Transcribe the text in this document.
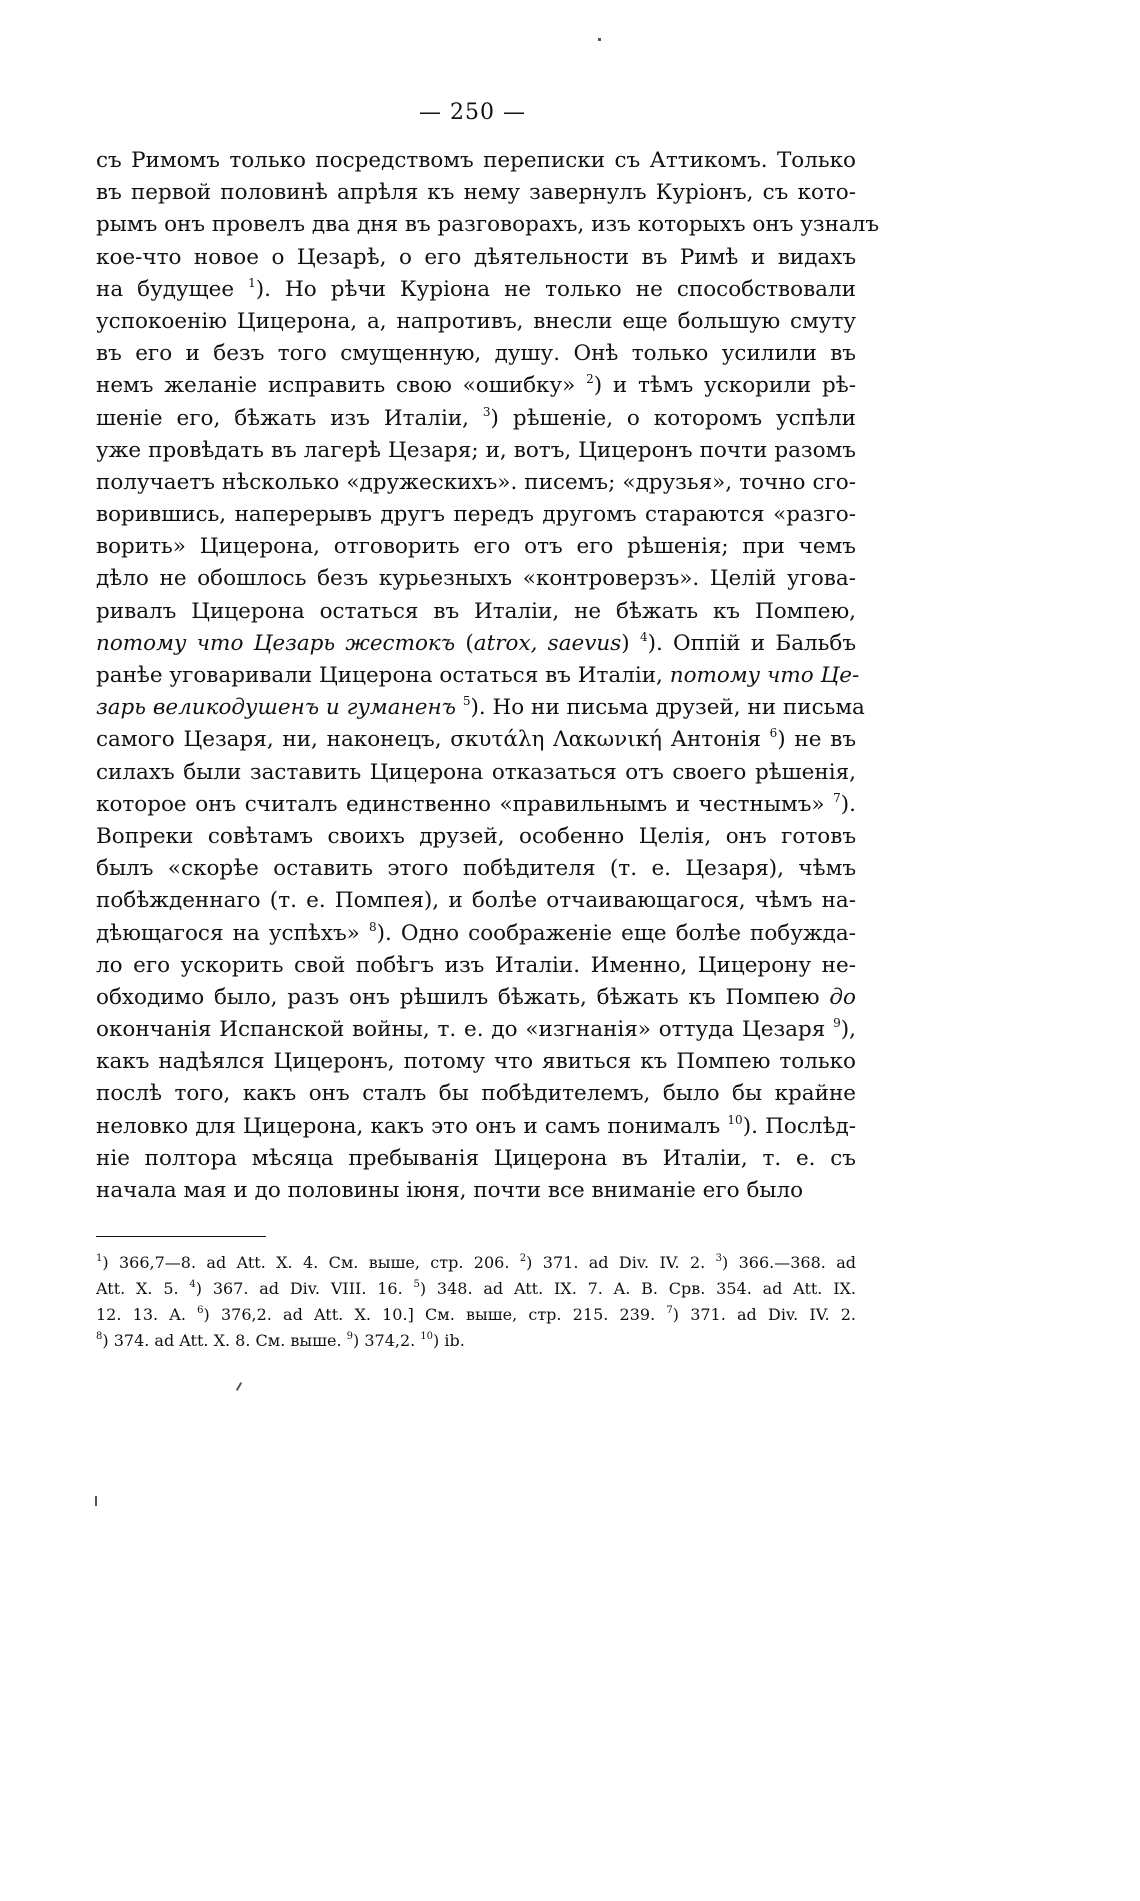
— 250 —
съ Римомъ только посредствомъ переписки съ Аттикомъ. Только
въ первой половинѣ апрѣля къ нему завернулъ Куріонъ, съ кото-
рымъ онъ провелъ два дня въ разговорахъ, изъ которыхъ онъ узналъ
кое-что новое о Цезарѣ, о его дѣятельности въ Римѣ и видахъ
на будущее $^1$). Но рѣчи Куріона не только не способствовали
успокоенію Цицерона, а, напротивъ, внесли еще большую смуту
въ его и безъ того смущенную, душу. Онѣ только усилили въ
немъ желаніе исправить свою «ошибку» $^2$) и тѣмъ ускорили рѣ-
шеніе его, бѣжать изъ Италіи, $^3$) рѣшеніе, о которомъ успѣли
уже провѣдать въ лагерѣ Цезаря; и, вотъ, Цицеронъ почти разомъ
получаетъ нѣсколько «дружескихъ». писемъ; «друзья», точно сго-
ворившись, наперерывъ другъ передъ другомъ стараются «разго-
ворить» Цицерона, отговорить его отъ его рѣшенія; при чемъ
дѣло не обошлось безъ курьезныхъ «контроверзъ». Целій угова-
ривалъ Цицерона остаться въ Италіи, не бѣжать къ Помпею,
потому что Цезарь жестокъ (atrox, saevus) $^4$). Оппій и Бальбъ
ранѣе уговаривали Цицерона остаться въ Италіи, потому что Це-
зарь великодушенъ и гуманенъ $^5$). Но ни письма друзей, ни письма
самого Цезаря, ни, наконецъ, σκυτάλη Λακωνική Антонія $^6$) не въ
силахъ были заставить Цицерона отказаться отъ своего рѣшенія,
которое онъ считалъ единственно «правильнымъ и честнымъ» $^7$).
Вопреки совѣтамъ своихъ друзей, особенно Целія, онъ готовъ
былъ «скорѣе оставить этого побѣдителя (т. е. Цезаря), чѣмъ
побѣжденнаго (т. е. Помпея), и болѣе отчаивающагося, чѣмъ на-
дѣющагося на успѣхъ» $^8$). Одно соображеніе еще болѣе побужда-
ло его ускорить свой побѣгъ изъ Италіи. Именно, Цицерону не-
обходимо было, разъ онъ рѣшилъ бѣжать, бѣжать къ Помпею до
окончанія Испанской войны, т. е. до «изгнанія» оттуда Цезаря $^9$),
какъ надѣялся Цицеронъ, потому что явиться къ Помпею только
послѣ того, какъ онъ сталъ бы побѣдителемъ, было бы крайне
неловко для Цицерона, какъ это онъ и самъ понималъ $^{10}$). Послѣд-
ніе полтора мѣсяца пребыванія Цицерона въ Италіи, т. е. съ
начала мая и до половины іюня, почти все вниманіе его было
$^1$) 366,7—8. ad Att. X. 4. См. выше, стр. 206. $^2$) 371. ad Div. IV. 2. $^3$) 366.—368. ad
Att. X. 5. $^4$) 367. ad Div. VIII. 16. $^5$) 348. ad Att. IX. 7. A. B. Срв. 354. ad Att. IX.
12. 13. A. $^6$) 376,2. ad Att. X. 10.] См. выше, стр. 215. 239. $^7$) 371. ad Div. IV. 2.
$^8$) 374. ad Att. X. 8. См. выше. $^9$) 374,2. $^{10}$) ib.
